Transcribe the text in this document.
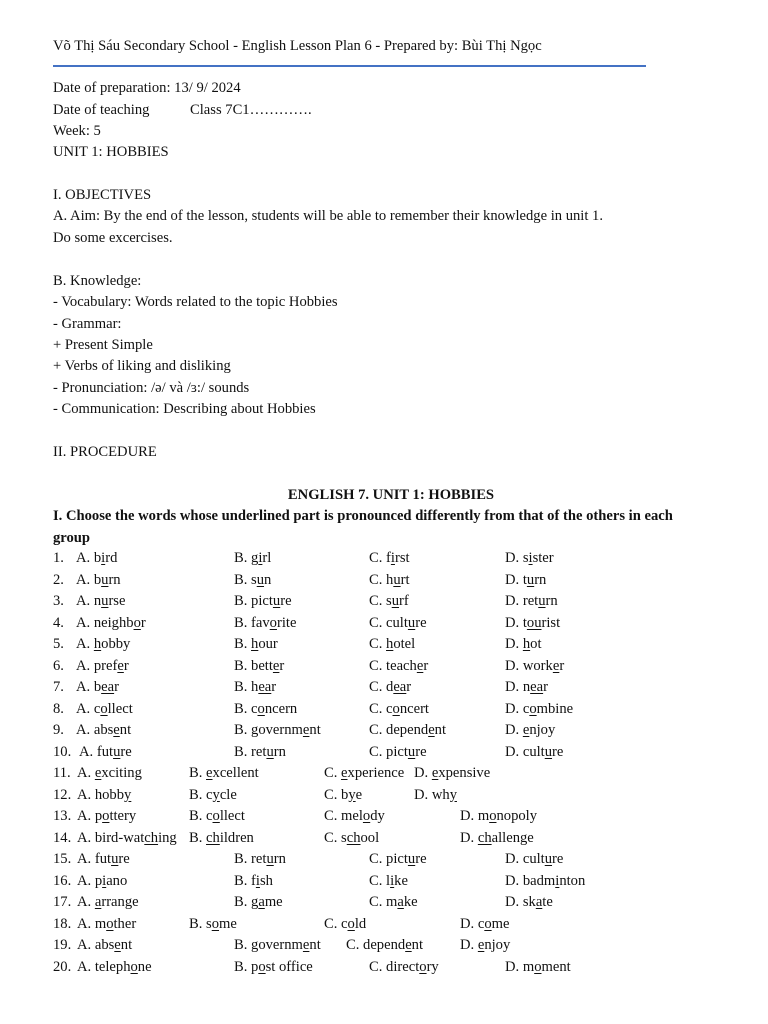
Võ Thị Sáu Secondary School - English Lesson Plan 6 - Prepared by: Bùi Thị Ngọc
Date of preparation: 13/ 9/ 2024
Date of teaching	Class 7C1………….
Week: 5
UNIT 1: HOBBIES
I. OBJECTIVES
A. Aim: By the end of the lesson, students will be able to remember their knowledge in unit 1.
Do some excercises.
B. Knowledge:
- Vocabulary: Words related to the topic Hobbies
- Grammar:
+ Present Simple
+ Verbs of liking and disliking
- Pronunciation: /ə/ và /ɜ:/ sounds
- Communication: Describing about Hobbies
II. PROCEDURE
ENGLISH 7. UNIT 1: HOBBIES
I. Choose the words whose underlined part is pronounced differently from that of the others in each group
1. A. bird	B. girl	C. first	D. sister
2. A. burn	B. sun	C. hurt	D. turn
3. A. nurse	B. picture	C. surf	D. return
4. A. neighbor	B. favorite	C. culture	D. tourist
5. A. hobby	B. hour	C. hotel	D. hot
6. A. prefer	B. better	C. teacher	D. worker
7. A. bear	B. hear	C. dear	D. near
8. A. collect	B. concern	C. concert	D. combine
9. A. absent	B. government	C. dependent	D. enjoy
10. A. future	B. return	C. picture	D. culture
11. A. exciting	B. excellent	C. experience D. expensive
12. A. hobby	B. cycle	C. bye	D. why
13. A. pottery	B. collect	C. melody	D. monopoly
14. A. bird-watching B. children	C. school	D. challenge
15. A. future	B. return	C. picture	D. culture
16. A. piano	B. fish	C. like	D. badminton
17. A. arrange	B. game	C. make	D. skate
18. A. mother	B. some	C. cold	D. come
19. A. absent	B. government C. dependent	D. enjoy
20. A. telephone	B. post office	C. directory	D. moment
